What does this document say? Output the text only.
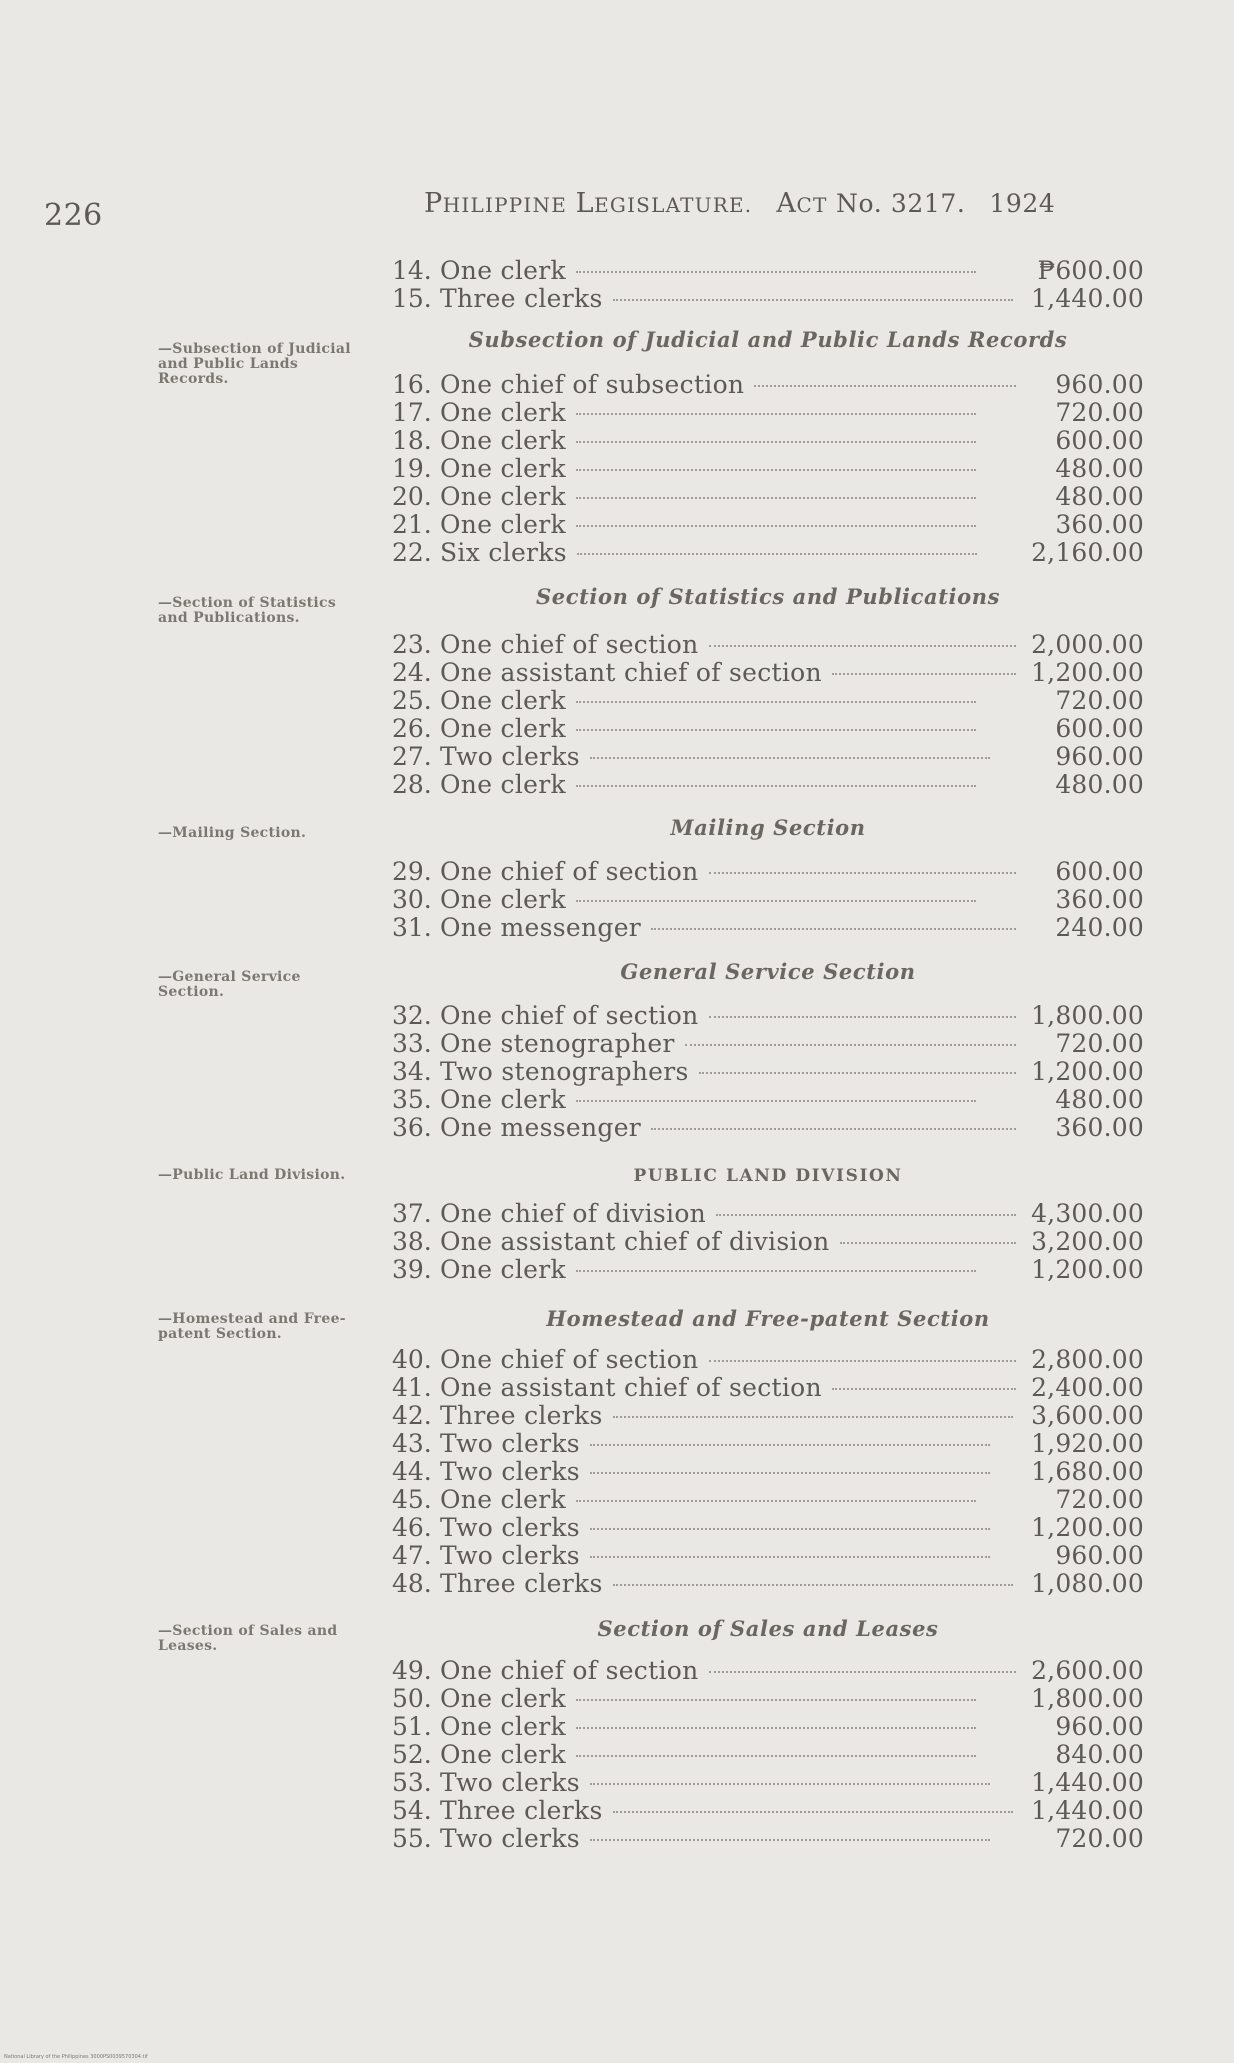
226	PHILIPPINE LEGISLATURE. ACT No. 3217. 1924
—Subsection of Judicial and Public Lands Records.
—Section of Statistics and Publications.
—Mailing Section.
—General Service Section.
—Public Land Division.
—Homestead and Free-patent Section.
—Section of Sales and Leases.
Subsection of Judicial and Public Lands Records
Section of Statistics and Publications
Mailing Section
General Service Section
PUBLIC LAND DIVISION
Homestead and Free-patent Section
Section of Sales and Leases
14. One clerk	₱600.00
15. Three clerks	1,440.00
16. One chief of subsection	960.00
17. One clerk	720.00
18. One clerk	600.00
19. One clerk	480.00
20. One clerk	480.00
21. One clerk	360.00
22. Six clerks	2,160.00
23. One chief of section	2,000.00
24. One assistant chief of section	1,200.00
25. One clerk	720.00
26. One clerk	600.00
27. Two clerks	960.00
28. One clerk	480.00
29. One chief of section	600.00
30. One clerk	360.00
31. One messenger	240.00
32. One chief of section	1,800.00
33. One stenographer	720.00
34. Two stenographers	1,200.00
35. One clerk	480.00
36. One messenger	360.00
37. One chief of division	4,300.00
38. One assistant chief of division	3,200.00
39. One clerk	1,200.00
40. One chief of section	2,800.00
41. One assistant chief of section	2,400.00
42. Three clerks	3,600.00
43. Two clerks	1,920.00
44. Two clerks	1,680.00
45. One clerk	720.00
46. Two clerks	1,200.00
47. Two clerks	960.00
48. Three clerks	1,080.00
49. One chief of section	2,600.00
50. One clerk	1,800.00
51. One clerk	960.00
52. One clerk	840.00
53. Two clerks	1,440.00
54. Three clerks	1,440.00
55. Two clerks	720.00
National Library of the Philippines 3000PS0039570304.tif
